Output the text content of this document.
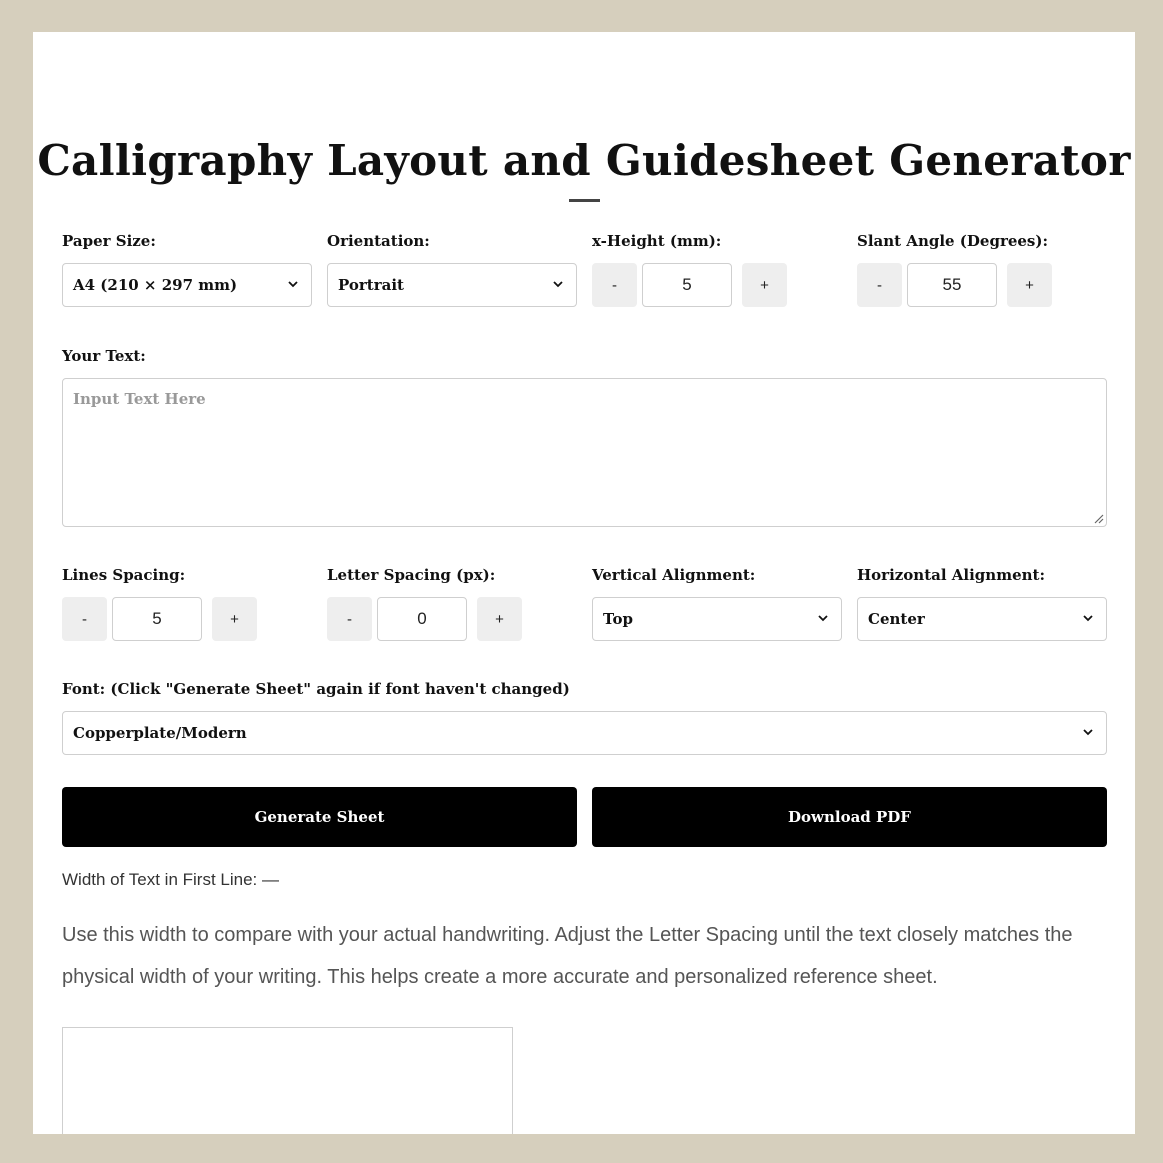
Calligraphy Layout and Guidesheet Generator
Paper Size:
A4 (210 × 297 mm)
Orientation:
Portrait
x-Height (mm):
-	5	+
Slant Angle (Degrees):
-	55	+
Your Text:
Input Text Here
Lines Spacing:
-	5	+
Letter Spacing (px):
-	0	+
Vertical Alignment:
Top
Horizontal Alignment:
Center
Font: (Click "Generate Sheet" again if font haven't changed)
Copperplate/Modern
Generate Sheet	Download PDF
Width of Text in First Line: —
Use this width to compare with your actual handwriting. Adjust the Letter Spacing until the text closely matches the physical width of your writing. This helps create a more accurate and personalized reference sheet.
